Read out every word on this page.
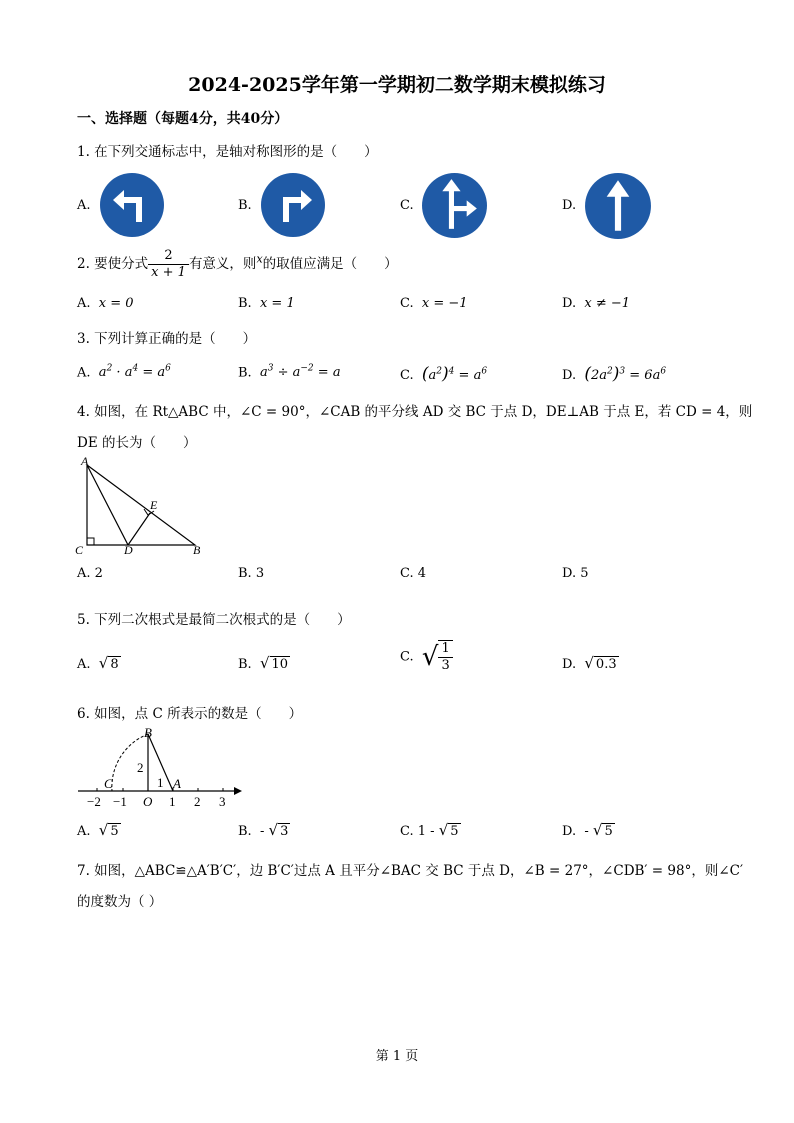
2024-2025学年第一学期初二数学期末模拟练习
一、选择题（每题4分，共40分）
1. 在下列交通标志中，是轴对称图形的是（　　）
A.	B.	C.	D.
2. 要使分式 $\frac{2}{x + 1}$ 有意义，则$^x$的取值应满足（　　）
A. x = 0	B. x = 1	C. x = −1	D. x ≠ −1
3. 下列计算正确的是（　　）
A. $a^2 \cdot a^4 = a^6$	B. $a^3 \div a^{-2} = a$	C. $(a^2)^4 = a^6$	D. $(2a^2)^3 = 6a^6$
4. 如图，在 Rt△ABC 中，∠C = 90°，∠CAB 的平分线 AD 交 BC 于点 D，DE⊥AB 于点 E，若 CD = 4，则
DE 的长为（　　）
A
E
C	D	B
A. 2	B. 3	C. 4	D. 5
5. 下列二次根式是最简二次根式的是（　　）
A. √ 8	B. √ 10	C. √ $\frac{1}{3}$	D. √ 0.3
6. 如图，点 C 所表示的数是（　　）
B
2
C	1 A
−2 −1 O 1 2 3
A. √ 5	B. - √ 3	C. 1 - √ 5	D. - √ 5
7. 如图，△ABC≌△A′B′C′，边 B′C′过点 A 且平分∠BAC 交 BC 于点 D，∠B = 27°，∠CDB′ = 98°，则∠C′
的度数为（ ）
第 1 页
